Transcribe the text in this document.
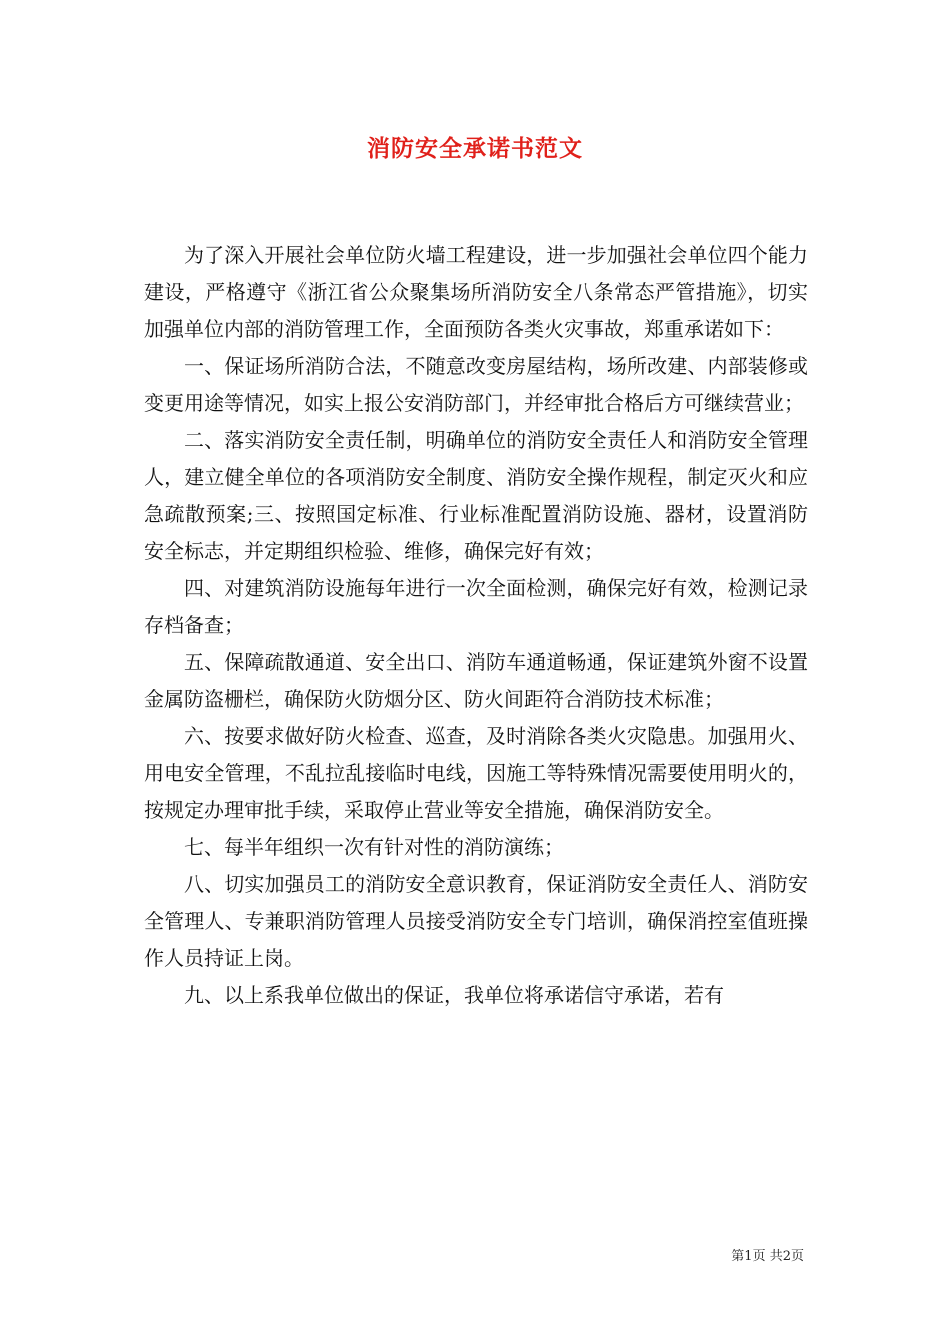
消防安全承诺书范文

为了深入开展社会单位防火墙工程建设，进一步加强社会单位四个能力建设，严格遵守《浙江省公众聚集场所消防安全八条常态严管措施》，切实加强单位内部的消防管理工作，全面预防各类火灾事故，郑重承诺如下：

一、保证场所消防合法，不随意改变房屋结构，场所改建、内部装修或变更用途等情况，如实上报公安消防部门，并经审批合格后方可继续营业；

二、落实消防安全责任制，明确单位的消防安全责任人和消防安全管理人，建立健全单位的各项消防安全制度、消防安全操作规程，制定灭火和应急疏散预案;三、按照国定标准、行业标准配置消防设施、器材，设置消防安全标志，并定期组织检验、维修，确保完好有效；

四、对建筑消防设施每年进行一次全面检测，确保完好有效，检测记录存档备查；

五、保障疏散通道、安全出口、消防车通道畅通，保证建筑外窗不设置金属防盗栅栏，确保防火防烟分区、防火间距符合消防技术标准；

六、按要求做好防火检查、巡查，及时消除各类火灾隐患。加强用火、用电安全管理，不乱拉乱接临时电线，因施工等特殊情况需要使用明火的，按规定办理审批手续，采取停止营业等安全措施，确保消防安全。

七、每半年组织一次有针对性的消防演练；

八、切实加强员工的消防安全意识教育，保证消防安全责任人、消防安全管理人、专兼职消防管理人员接受消防安全专门培训，确保消控室值班操作人员持证上岗。

九、以上系我单位做出的保证，我单位将承诺信守承诺，若有

第1页 共2页
